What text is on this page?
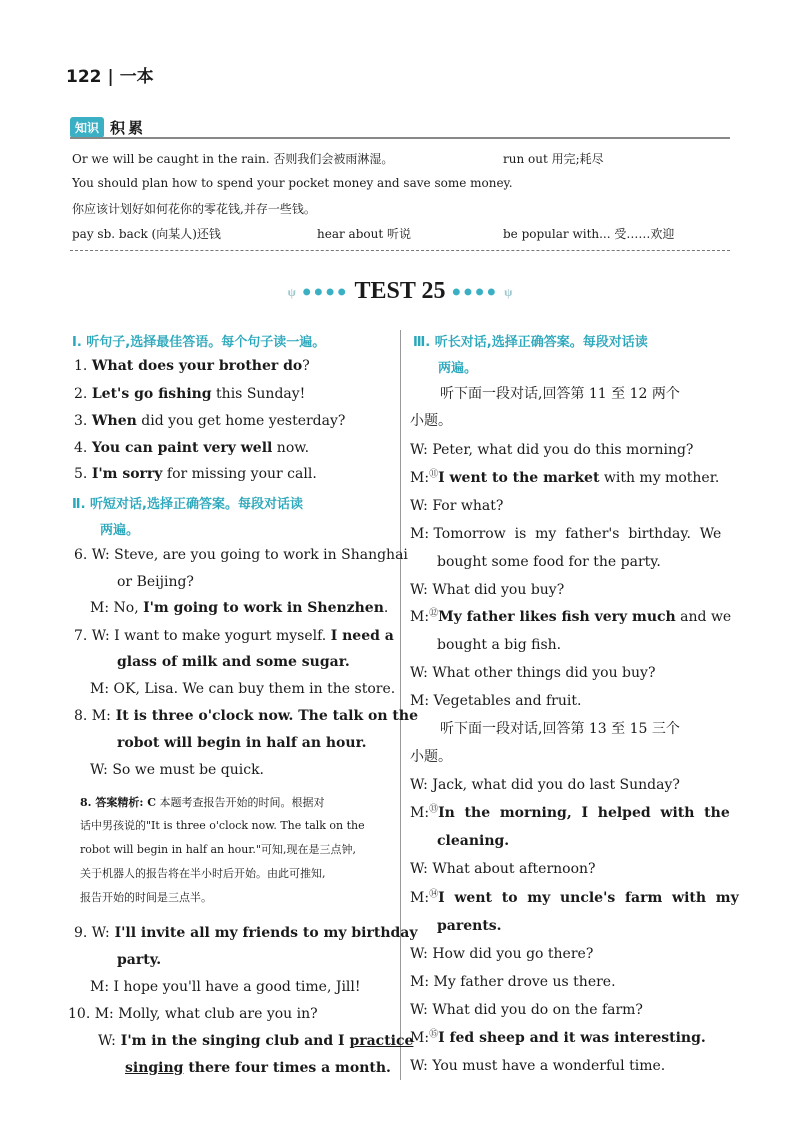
122 | 一本
知识 积累
Or we will be caught in the rain. 否则我们会被雨淋湿。	run out 用完;耗尽
You should plan how to spend your pocket money and save some money.
你应该计划好如何花你的零花钱,并存一些钱。
pay sb. back (向某人)还钱	hear about 听说	be popular with... 受……欢迎
ψ ●●●● TEST 25 ●●●● ψ
Ⅰ. 听句子,选择最佳答语。每个句子读一遍。
1. What does your brother do?
2. Let's go fishing this Sunday!
3. When did you get home yesterday?
4. You can paint very well now.
5. I'm sorry for missing your call.
Ⅱ. 听短对话,选择正确答案。每段对话读
两遍。
6. W: Steve, are you going to work in Shanghai
or Beijing?
M: No, I'm going to work in Shenzhen.
7. W: I want to make yogurt myself. I need a
glass of milk and some sugar.
M: OK, Lisa. We can buy them in the store.
8. M: It is three o'clock now. The talk on the
robot will begin in half an hour.
W: So we must be quick.
8. 答案精析: C 本题考查报告开始的时间。根据对
话中男孩说的"It is three o'clock now. The talk on the
robot will begin in half an hour."可知,现在是三点钟,
关于机器人的报告将在半小时后开始。由此可推知,
报告开始的时间是三点半。
9. W: I'll invite all my friends to my birthday
party.
M: I hope you'll have a good time, Jill!
10. M: Molly, what club are you in?
W: I'm in the singing club and I practice
singing there four times a month.
Ⅲ. 听长对话,选择正确答案。每段对话读
两遍。
听下面一段对话,回答第 11 至 12 两个
小题。
W: Peter, what did you do this morning?
M:⑪I went to the market with my mother.
W: For what?
M: Tomorrow  is  my  father's  birthday.  We
bought some food for the party.
W: What did you buy?
M:⑫My father likes fish very much and we
bought a big fish.
W: What other things did you buy?
M: Vegetables and fruit.
听下面一段对话,回答第 13 至 15 三个
小题。
W: Jack, what did you do last Sunday?
M:⑬In  the  morning,  I  helped  with  the
cleaning.
W: What about afternoon?
M:⑭I  went  to  my  uncle's  farm  with  my
parents.
W: How did you go there?
M: My father drove us there.
W: What did you do on the farm?
M:⑮I fed sheep and it was interesting.
W: You must have a wonderful time.
